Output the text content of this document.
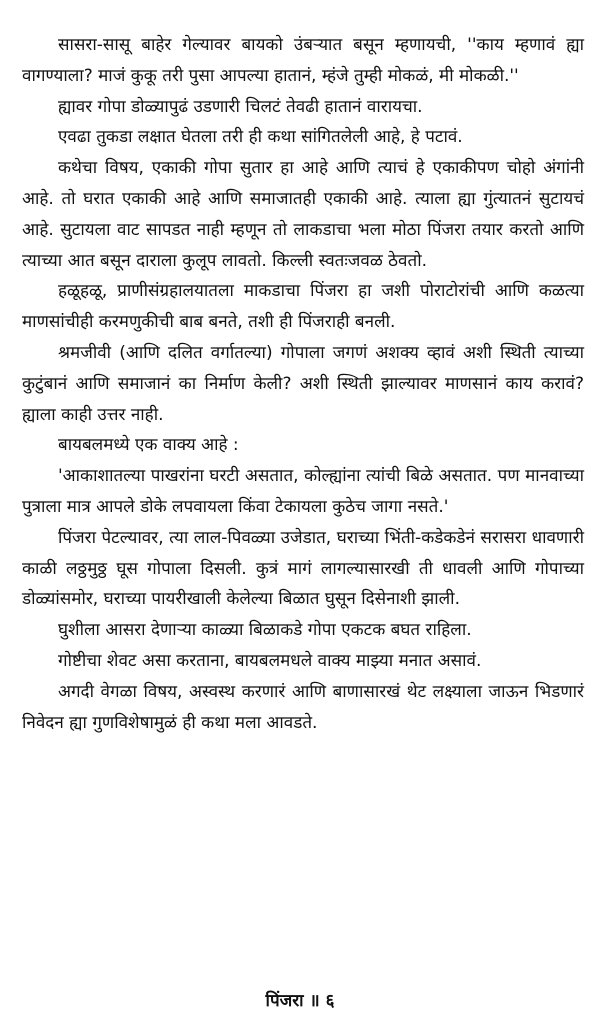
सासरा-सासू बाहेर गेल्यावर बायको उंबऱ्यात बसून म्हणायची, ''काय म्हणावं ह्या वागण्याला? माजं कुकू तरी पुसा आपल्या हातानं, म्हंजे तुम्ही मोकळं, मी मोकळी.''

ह्यावर गोपा डोळ्यापुढं उडणारी चिलटं तेवढी हातानं वारायचा.

एवढा तुकडा लक्षात घेतला तरी ही कथा सांगितलेली आहे, हे पटावं.

कथेचा विषय, एकाकी गोपा सुतार हा आहे आणि त्याचं हे एकाकीपण चोहो अंगांनी आहे. तो घरात एकाकी आहे आणि समाजातही एकाकी आहे. त्याला ह्या गुंत्यातनं सुटायचं आहे. सुटायला वाट सापडत नाही म्हणून तो लाकडाचा भला मोठा पिंजरा तयार करतो आणि त्याच्या आत बसून दाराला कुलूप लावतो. किल्ली स्वतःजवळ ठेवतो.

हळूहळू, प्राणीसंग्रहालयातला माकडाचा पिंजरा हा जशी पोराटोरांची आणि कळत्या माणसांचीही करमणुकीची बाब बनते, तशी ही पिंजराही बनली.

श्रमजीवी (आणि दलित वर्गातल्या) गोपाला जगणं अशक्य व्हावं अशी स्थिती त्याच्या कुटुंबानं आणि समाजानं का निर्माण केली? अशी स्थिती झाल्यावर माणसानं काय करावं? ह्याला काही उत्तर नाही.

बायबलमध्ये एक वाक्य आहे :

'आकाशातल्या पाखरांना घरटी असतात, कोल्ह्यांना त्यांची बिळे असतात. पण मानवाच्या पुत्राला मात्र आपले डोके लपवायला किंवा टेकायला कुठेच जागा नसते.'

पिंजरा पेटल्यावर, त्या लाल-पिवळ्या उजेडात, घराच्या भिंती-कडेकडेनं सरासरा धावणारी काळी लठ्ठमुठ्ठ घूस गोपाला दिसली. कुत्रं मागं लागल्यासारखी ती धावली आणि गोपाच्या डोळ्यांसमोर, घराच्या पायरीखाली केलेल्या बिळात घुसून दिसेनाशी झाली.

घुशीला आसरा देणाऱ्या काळ्या बिळाकडे गोपा एकटक बघत राहिला.

गोष्टीचा शेवट असा करताना, बायबलमधले वाक्य माझ्या मनात असावं.

अगदी वेगळा विषय, अस्वस्थ करणारं आणि बाणासारखं थेट लक्ष्याला जाऊन भिडणारं निवेदन ह्या गुणविशेषामुळं ही कथा मला आवडते.

पिंजरा ॥ ६
